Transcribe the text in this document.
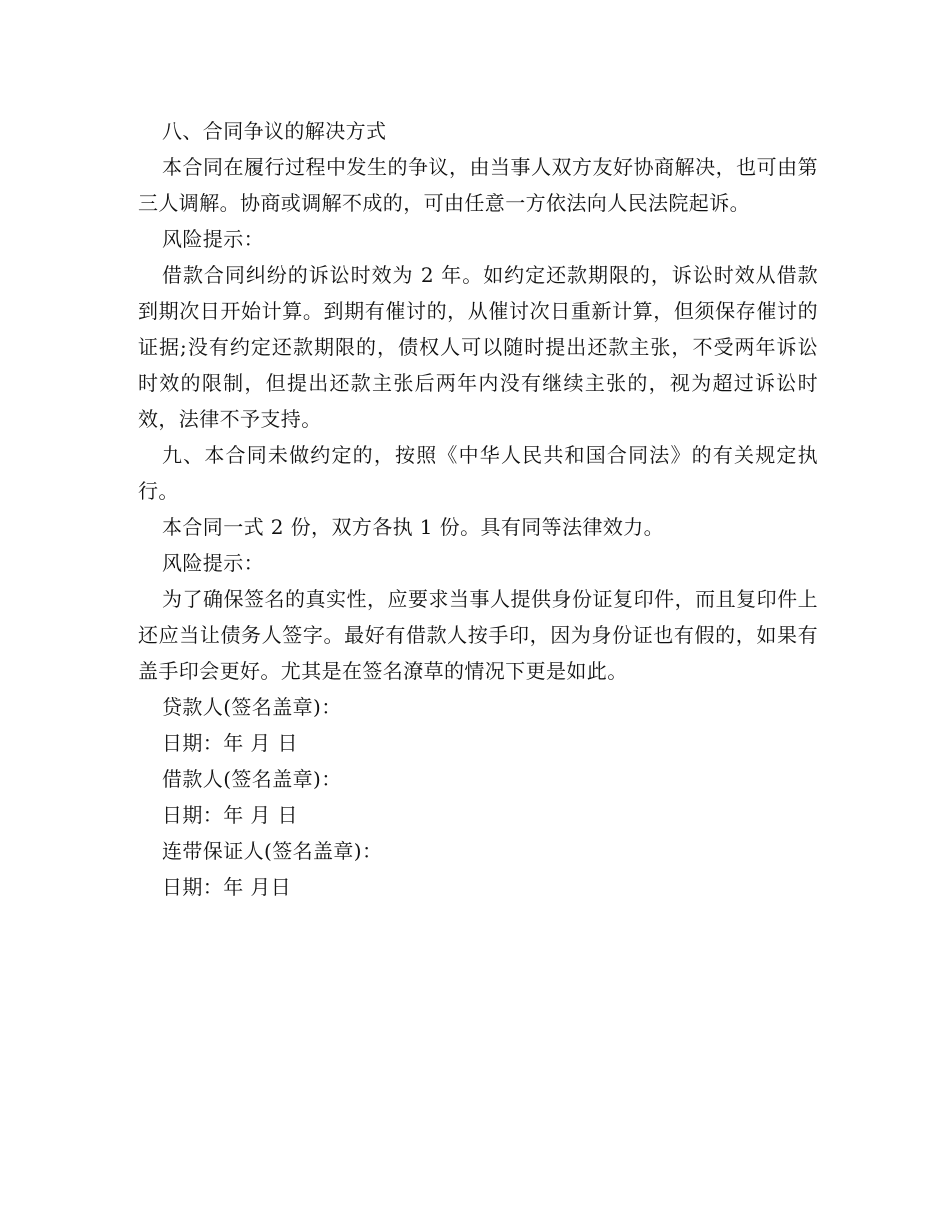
八、合同争议的解决方式

本合同在履行过程中发生的争议，由当事人双方友好协商解决，也可由第三人调解。协商或调解不成的，可由任意一方依法向人民法院起诉。

风险提示：

借款合同纠纷的诉讼时效为 2 年。如约定还款期限的，诉讼时效从借款到期次日开始计算。到期有催讨的，从催讨次日重新计算，但须保存催讨的证据;没有约定还款期限的，债权人可以随时提出还款主张，不受两年诉讼时效的限制，但提出还款主张后两年内没有继续主张的，视为超过诉讼时效，法律不予支持。

九、本合同未做约定的，按照《中华人民共和国合同法》的有关规定执行。

本合同一式 2 份，双方各执 1 份。具有同等法律效力。

风险提示：

为了确保签名的真实性，应要求当事人提供身份证复印件，而且复印件上还应当让债务人签字。最好有借款人按手印，因为身份证也有假的，如果有盖手印会更好。尤其是在签名潦草的情况下更是如此。

贷款人(签名盖章)：

日期：年 月 日

借款人(签名盖章)：

日期：年 月 日

连带保证人(签名盖章)：

日期：年 月日
